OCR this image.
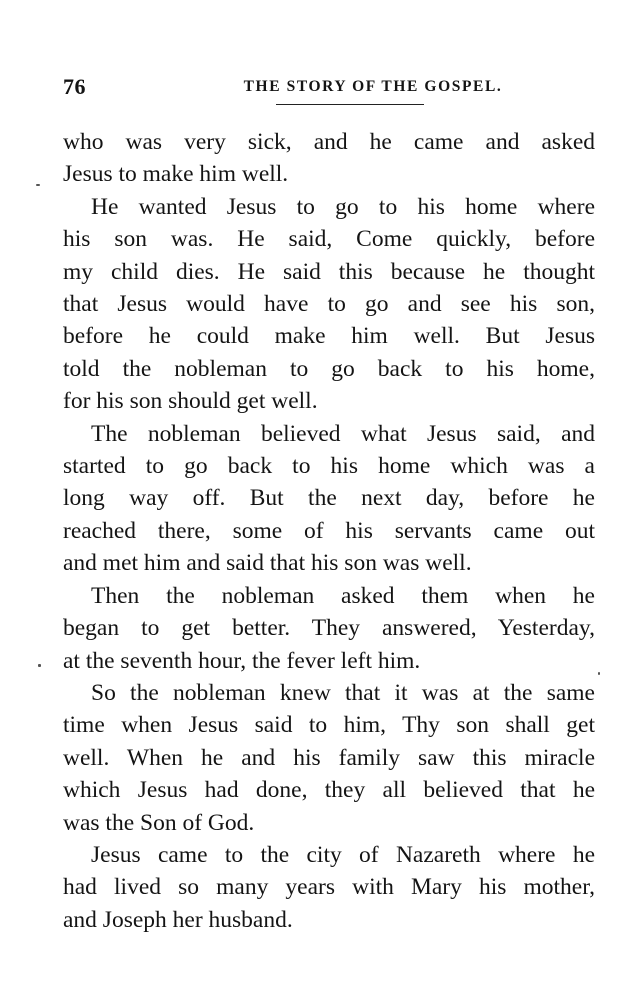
76	THE STORY OF THE GOSPEL.
who was very sick, and he came and asked
Jesus to make him well.
He wanted Jesus to go to his home where
his son was. He said, Come quickly, before
my child dies. He said this because he thought
that Jesus would have to go and see his son,
before he could make him well. But Jesus
told the nobleman to go back to his home,
for his son should get well.
The nobleman believed what Jesus said, and
started to go back to his home which was a
long way off. But the next day, before he
reached there, some of his servants came out
and met him and said that his son was well.
Then the nobleman asked them when he
began to get better. They answered, Yesterday,
at the seventh hour, the fever left him.
So the nobleman knew that it was at the same
time when Jesus said to him, Thy son shall get
well. When he and his family saw this miracle
which Jesus had done, they all believed that he
was the Son of God.
Jesus came to the city of Nazareth where he
had lived so many years with Mary his mother,
and Joseph her husband.
